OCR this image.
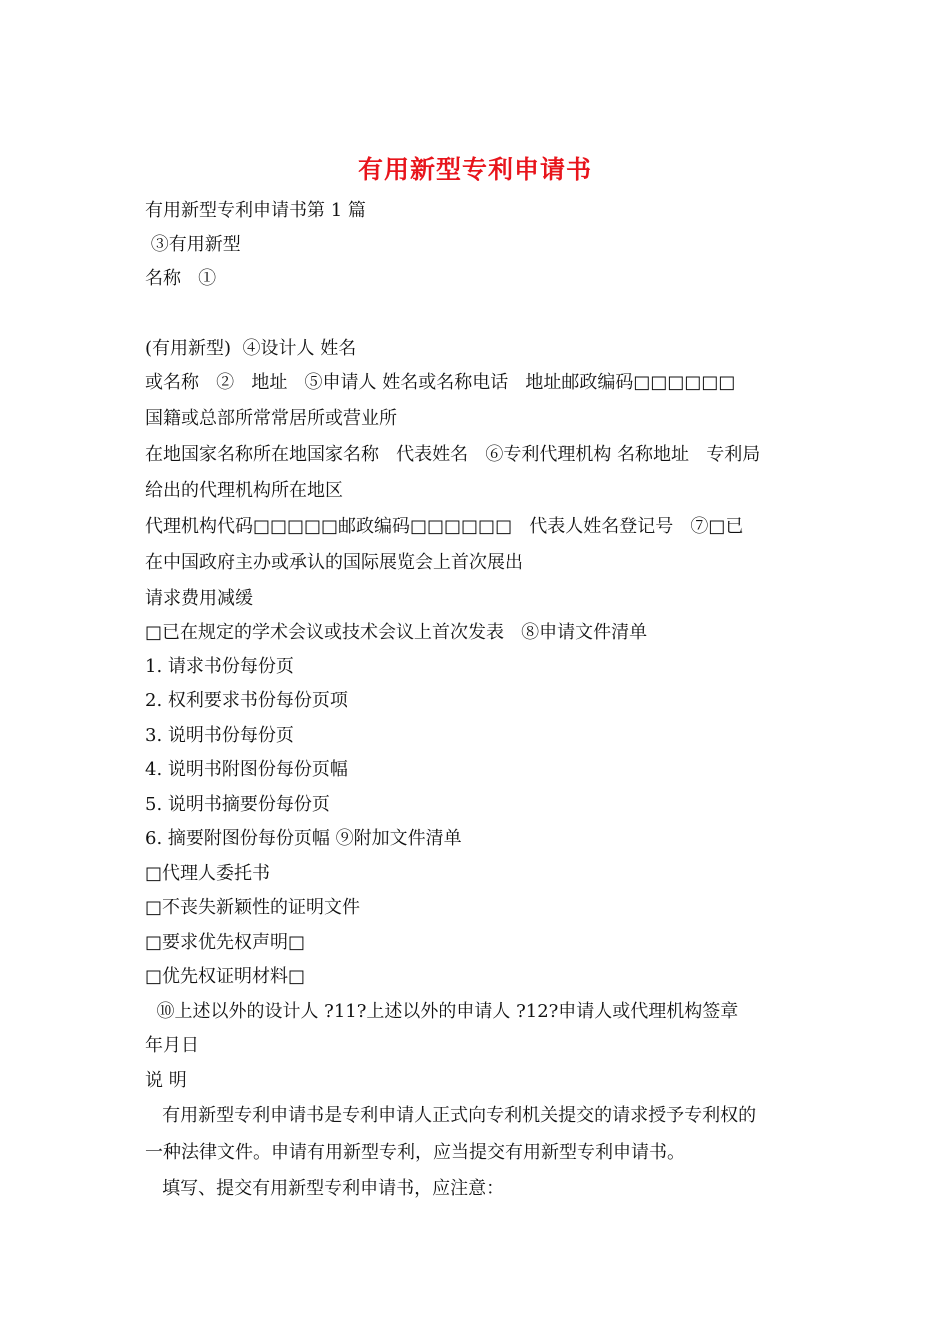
有用新型专利申请书
有用新型专利申请书第 1 篇
③有用新型
名称   ①
(有用新型)  ④设计人 姓名
或名称   ②   地址   ⑤申请人 姓名或名称电话   地址邮政编码□□□□□□
国籍或总部所常常居所或营业所
在地国家名称所在地国家名称   代表姓名   ⑥专利代理机构 名称地址   专利局
给出的代理机构所在地区
代理机构代码□□□□□邮政编码□□□□□□   代表人姓名登记号   ⑦□已
在中国政府主办或承认的国际展览会上首次展出
请求费用减缓
□已在规定的学术会议或技术会议上首次发表   ⑧申请文件清单
1. 请求书份每份页
2. 权利要求书份每份页项
3. 说明书份每份页
4. 说明书附图份每份页幅
5. 说明书摘要份每份页
6. 摘要附图份每份页幅 ⑨附加文件清单
□代理人委托书
□不丧失新颖性的证明文件
□要求优先权声明□
□优先权证明材料□
⑩上述以外的设计人 ?11?上述以外的申请人 ?12?申请人或代理机构签章
年月日
说 明
有用新型专利申请书是专利申请人正式向专利机关提交的请求授予专利权的
一种法律文件。申请有用新型专利，应当提交有用新型专利申请书。
填写、提交有用新型专利申请书，应注意：
